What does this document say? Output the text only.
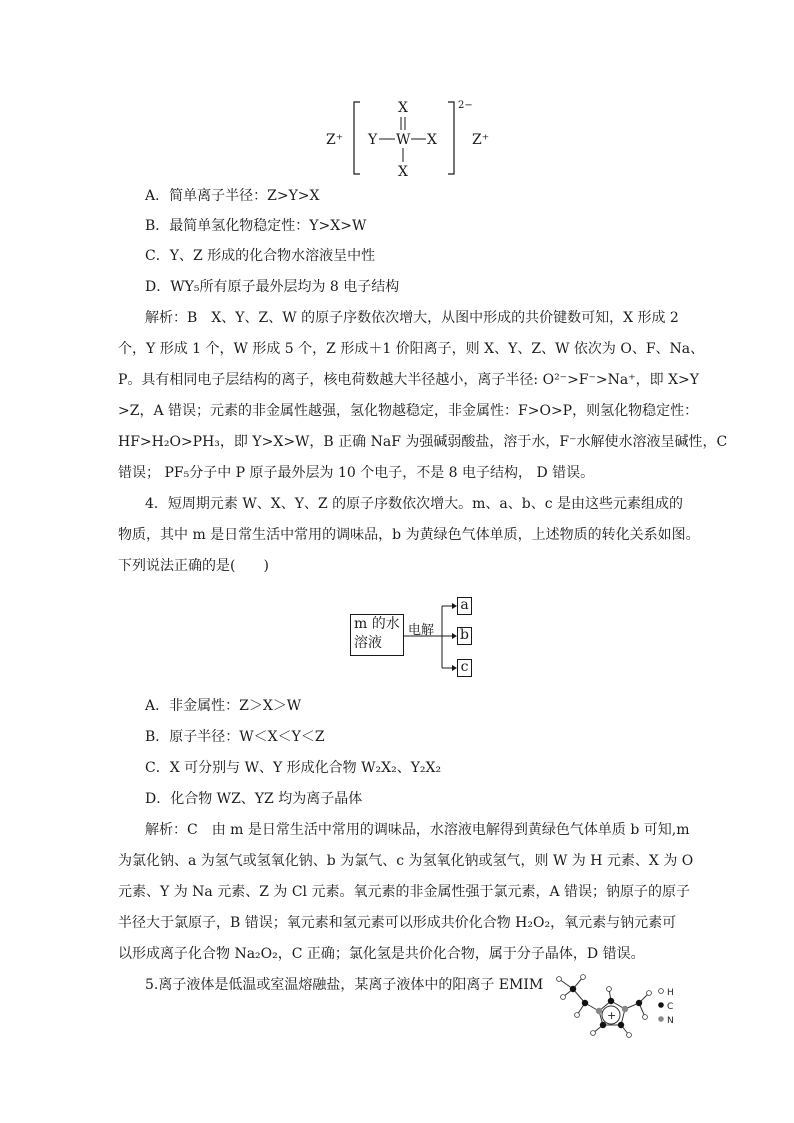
Z⁺
X
Y W X
X
2−
Z⁺
A．简单离子半径：Z>Y>X
B．最简单氢化物稳定性：Y>X>W
C．Y、Z 形成的化合物水溶液呈中性
D．WY₅所有原子最外层均为 8 电子结构
解析：B　X、Y、Z、W 的原子序数依次增大，从图中形成的共价键数可知，X 形成 2
个，Y 形成 1 个，W 形成 5 个，Z 形成＋1 价阳离子，则 X、Y、Z、W 依次为 O、F、Na、
P。具有相同电子层结构的离子，核电荷数越大半径越小，离子半径: O²⁻>F⁻>Na⁺，即 X>Y
>Z，A 错误；元素的非金属性越强，氢化物越稳定，非金属性：F>O>P，则氢化物稳定性：
HF>H₂O>PH₃，即 Y>X>W，B 正确 NaF 为强碱弱酸盐，溶于水，F⁻水解使水溶液呈碱性，C
错误； PF₅分子中 P 原子最外层为 10 个电子，不是 8 电子结构， D 错误。
4．短周期元素 W、X、Y、Z 的原子序数依次增大。m、a、b、c 是由这些元素组成的
物质，其中 m 是日常生活中常用的调味品，b 为黄绿色气体单质，上述物质的转化关系如图。
下列说法正确的是(　　)
m 的水
溶液
电解
a
b
c
A．非金属性：Z＞X＞W
B．原子半径：W＜X＜Y＜Z
C．X 可分别与 W、Y 形成化合物 W₂X₂、Y₂X₂
D．化合物 WZ、YZ 均为离子晶体
解析：C　由 m 是日常生活中常用的调味品，水溶液电解得到黄绿色气体单质 b 可知,m
为氯化钠、a 为氢气或氢氧化钠、b 为氯气、c 为氢氧化钠或氢气，则 W 为 H 元素、X 为 O
元素、Y 为 Na 元素、Z 为 Cl 元素。氧元素的非金属性强于氯元素，A 错误；钠原子的原子
半径大于氯原子，B 错误；氧元素和氢元素可以形成共价化合物 H₂O₂，氧元素与钠元素可
以形成离子化合物 Na₂O₂，C 正确；氯化氢是共价化合物，属于分子晶体，D 错误。
5.离子液体是低温或室温熔融盐，某离子液体中的阳离子 EMIM
+
H
C
N
